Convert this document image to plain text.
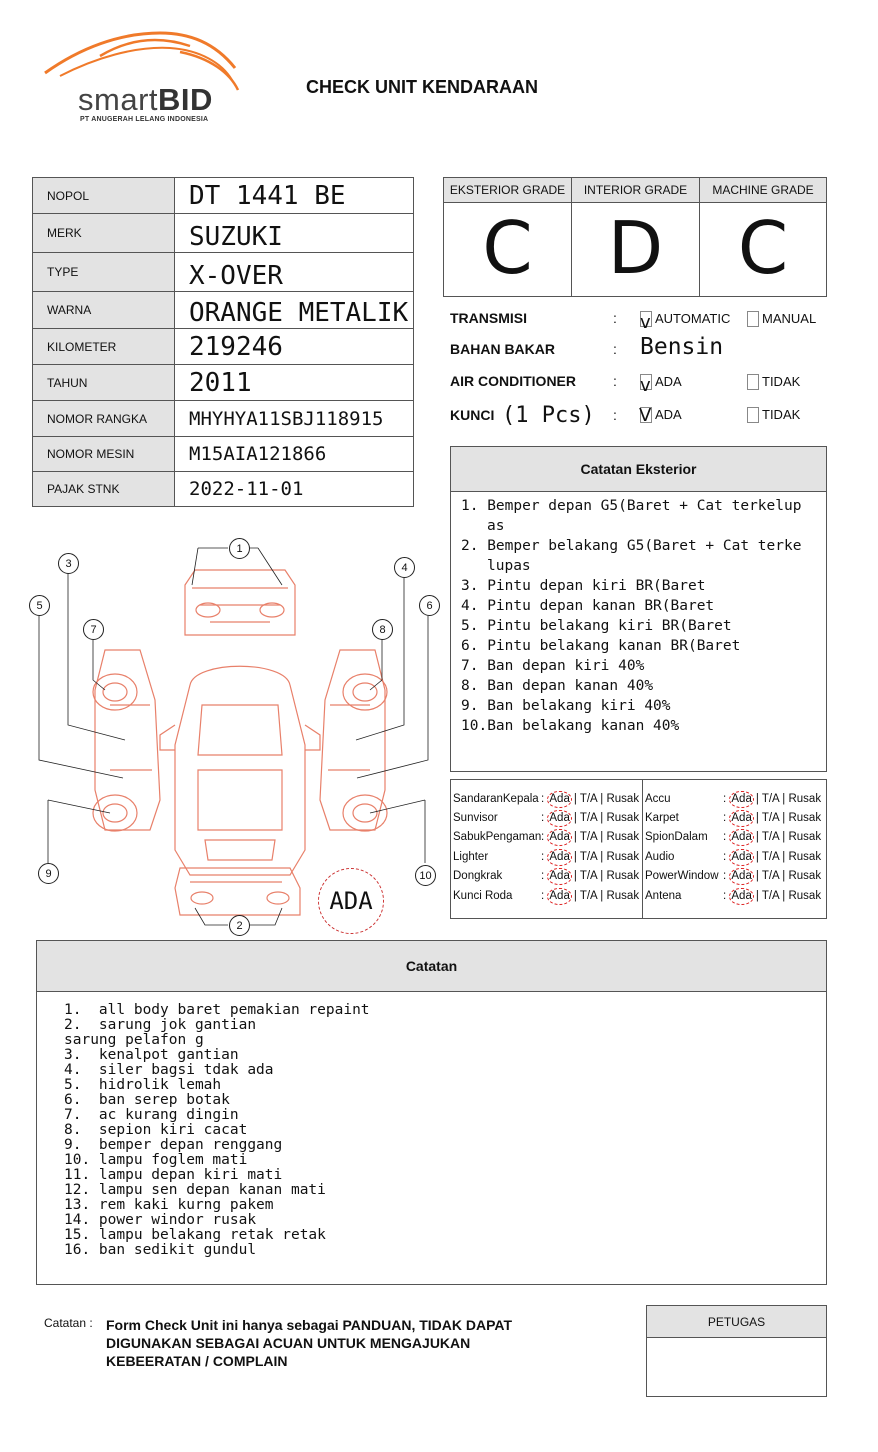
smartBID
PT ANUGERAH LELANG INDONESIA
CHECK UNIT KENDARAAN
NOPOL	DT 1441 BE
MERK	SUZUKI
TYPE	X-OVER
WARNA	ORANGE METALIK
KILOMETER	219246
TAHUN	2011
NOMOR RANGKA	MHYHYA11SBJ118915
NOMOR MESIN	M15AIA121866
PAJAK STNK	2022-11-01
EKSTERIOR GRADE
C
INTERIOR GRADE
D
MACHINE GRADE
C
TRANSMISI	: v AUTOMATIC MANUAL
BAHAN BAKAR	: Bensin
AIR CONDITIONER	: v ADA	TIDAK
KUNCI (1 Pcs) : V ADA	TIDAK
Catatan Eksterior
1. Bemper depan G5(Baret + Cat terkelup as
2. Bemper belakang G5(Baret + Cat terke lupas
3. Pintu depan kiri BR(Baret
4. Pintu depan kanan BR(Baret
5. Pintu belakang kiri BR(Baret
6. Pintu belakang kanan BR(Baret
7. Ban depan kiri 40%
8. Ban depan kanan 40%
9. Ban belakang kiri 40%
10.Ban belakang kanan 40%
SandaranKepala : Ada | T/A | Rusak
Sunvisor	: Ada | T/A | Rusak
SabukPengaman: Ada | T/A | Rusak
Lighter	: Ada | T/A | Rusak
Dongkrak	: Ada | T/A | Rusak
Kunci Roda : Ada | T/A | Rusak
Accu	: Ada | T/A | Rusak
Karpet	: Ada | T/A | Rusak
SpionDalam : Ada | T/A | Rusak
Audio	: Ada | T/A | Rusak
PowerWindow : Ada | T/A | Rusak
Antena	: Ada | T/A | Rusak
1
2
3	4
5	6
7	8
9	10
ADA
Catatan
1.  all body baret pemakian repaint
2.  sarung jok gantian
sarung pelafon g
3.  kenalpot gantian
4.  siler bagsi tdak ada
5.  hidrolik lemah
6.  ban serep botak
7.  ac kurang dingin
8.  sepion kiri cacat
9.  bemper depan renggang
10. lampu foglem mati
11. lampu depan kiri mati
12. lampu sen depan kanan mati
13. rem kaki kurng pakem
14. power windor rusak
15. lampu belakang retak retak
16. ban sedikit gundul
Catatan : Form Check Unit ini hanya sebagai PANDUAN, TIDAK DAPAT DIGUNAKAN SEBAGAI ACUAN UNTUK MENGAJUKAN KEBEERATAN / COMPLAIN
PETUGAS
